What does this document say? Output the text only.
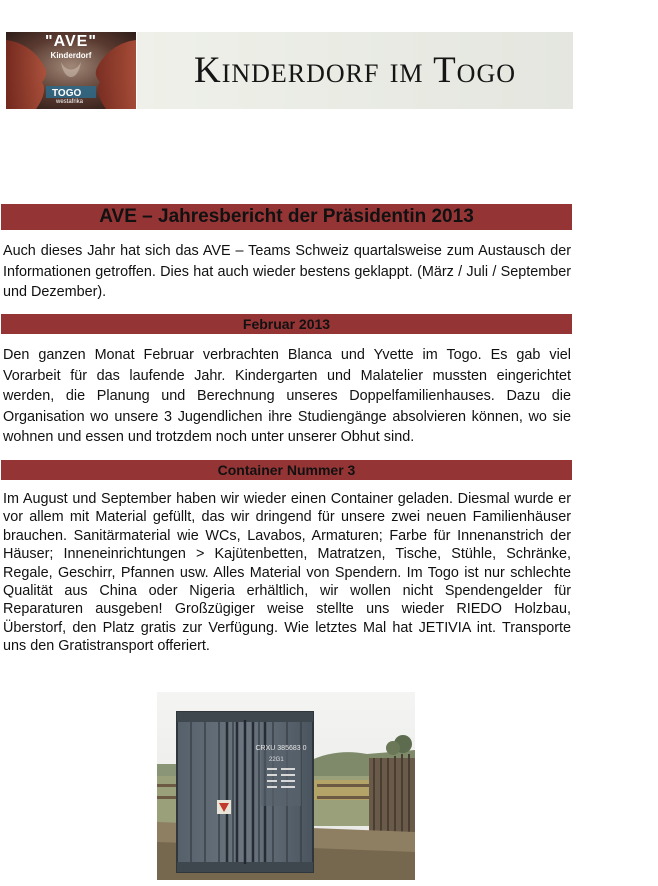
"AVE"
Kinderdorf
TOGO
westafrika
Kinderdorf im Togo
AVE – Jahresbericht der Präsidentin 2013

Auch dieses Jahr hat sich das AVE – Teams Schweiz quartalsweise zum Austausch der Informationen getroffen. Dies hat auch wieder bestens geklappt. (März / Juli / September und Dezember).

Februar 2013

Den ganzen Monat Februar verbrachten Blanca und Yvette im Togo. Es gab viel Vorarbeit für das laufende Jahr. Kindergarten und Malatelier mussten eingerichtet werden, die Planung und Berechnung unseres Doppelfamilienhauses. Dazu die Organisation wo unsere 3 Jugendlichen ihre Studiengänge absolvieren können, wo sie wohnen und essen und trotzdem noch unter unserer Obhut sind.

Container Nummer 3

Im August und September haben wir wieder einen Container geladen. Diesmal wurde er vor allem mit Material gefüllt, das wir dringend für unsere zwei neuen Familienhäuser brauchen. Sanitärmaterial wie WCs, Lavabos, Armaturen; Farbe für Innenanstrich der Häuser; Inneneinrichtungen > Kajütenbetten, Matratzen, Tische, Stühle, Schränke, Regale, Geschirr, Pfannen usw. Alles Material von Spendern. Im Togo ist nur schlechte Qualität aus China oder Nigeria erhältlich, wir wollen nicht Spendengelder für Reparaturen ausgeben! Großzügiger weise stellte uns wieder RIEDO Holzbau, Überstorf, den Platz gratis zur Verfügung. Wie letztes Mal hat JETIVIA int. Transporte uns den Gratistransport offeriert.

CRXU 385683 0
22G1
